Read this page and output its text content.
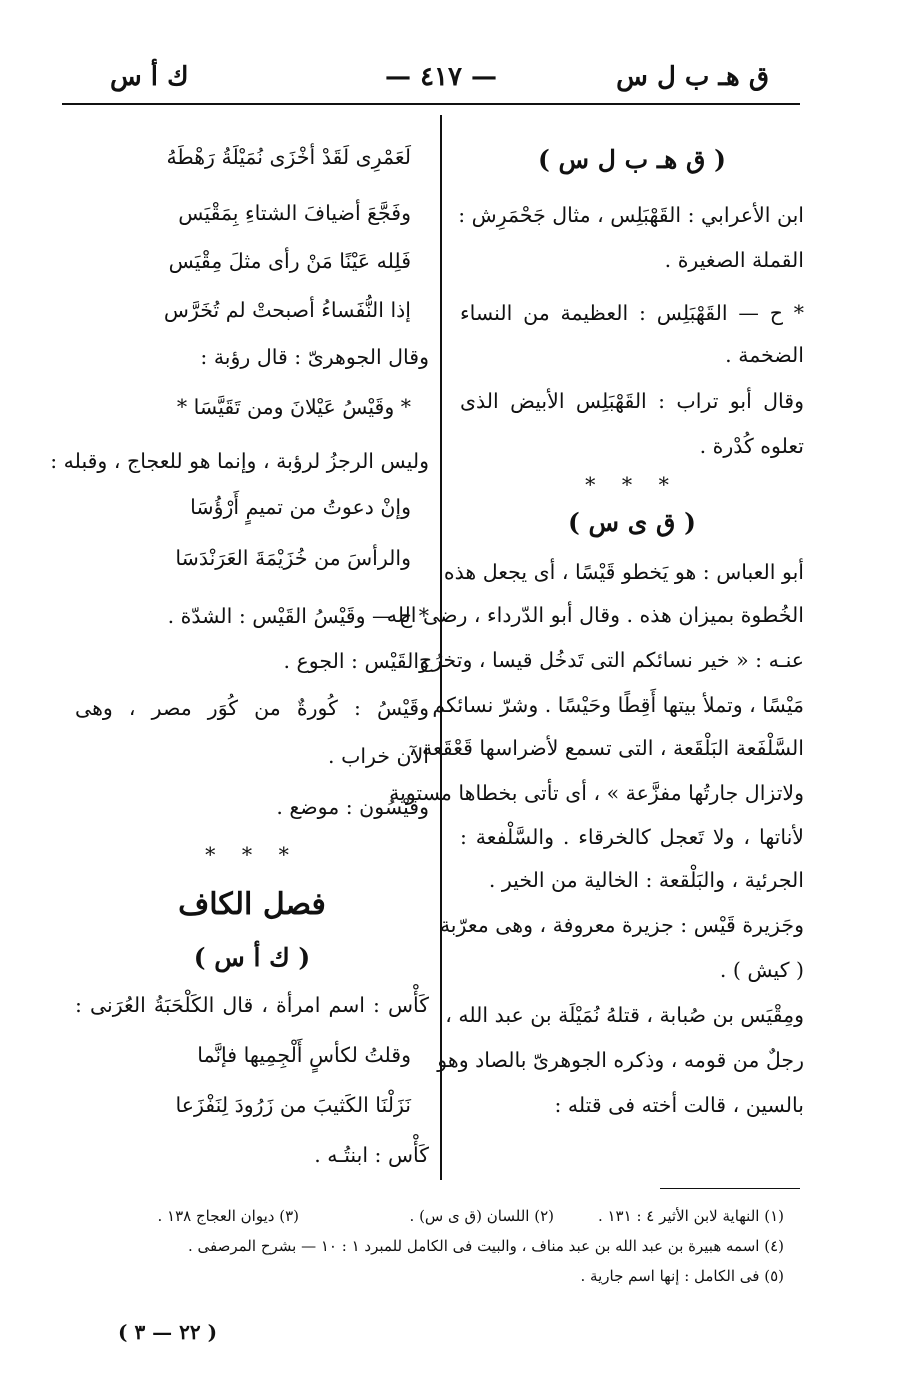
ق هـ ب ل س
— ٤١٧ —
ك أ س
( ق هـ ب ل س )
ابن الأعرابي : القَهْبَلِس ، مثال جَحْمَرِش :
القملة الصغيرة .
* ح — القَهْبَلِس : العظيمة من النساء
الضخمة .
وقال أبو تراب : القَهْبَلِس الأبيض الذى
تعلوه كُدْرة .
* * *
( ق ى س )
أبو العباس : هو يَخطو قَيْسًا ، أى يجعل هذه
الخُطوة بميزان هذه . وقال أبو الدّرداء ، رضى الله
عنـه : « خير نسائكم التى تَدخُل قيسا ، وتخرُج
مَيْسًا ، وتملأ بيتها أَقِطًا وحَيْسًا . وشرّ نسائكم
السَّلْفَعة البَلْقَعة ، التى تسمع لأضراسها قَعْقَعة ،
ولاتزال جارتُها مفزَّعة » ، أى تأتى بخطاها مستوية
لأناتها ، ولا تَعجل كالخرقاء . والسَّلْفعة :
الجرئية ، والبَلْقعة : الخالية من الخير .
وجَزيرة قَيْس : جزيرة معروفة ، وهى معرّبة
( كيش ) .
ومِقْيَس بن صُبابة ، قتلهُ نُمَيْلَة بن عبد الله ،
رجلٌ من قومه ، وذكره الجوهرىّ بالصاد وهو
بالسين ، قالت أخته فى قتله :
لَعَمْرِى لَقَدْ أخْزَى نُمَيْلَةُ رَهْطَهُ
وفَجَّعَ أضيافَ الشتاءِ بِمَقْيَس
فَلِله عَيْنًا مَنْ رأى مثلَ مِقْيَس
إذا النُّفَساءُ أصبحتْ لم تُخَرَّس
وقال الجوهرىّ : قال رؤبة :
* وقَيْسُ عَيْلانَ ومن تَقَيَّسَا *
وليس الرجزُ لرؤبة ، وإنما هو للعجاج ، وقبله :
وإنْ دعوتُ من تميمٍ أَرْؤُسَا
والرأسَ من خُزَيْمَةَ العَرَنْدَسَا
* ح — وقَيْسُ القَيْس : الشدّة .
والقَيْس : الجوع .
وقَيْسُ : كُورةٌ من كُوَر مصر ، وهى
الآن خراب .
وقَيْسُون : موضع .
* * *
فصل الكاف
( ك أ س )
كَأْس : اسم امرأة ، قال الكَلْحَبَةُ العُرَنى :
وقلتُ لكأسٍ أَلْجِمِيها فإنَّما
نَزَلْنَا الكَثيبَ من زَرُودَ لِنَفْزَعا
كَأْس : ابنتُـه .
(١) النهاية لابن الأثير ٤ : ١٣١ .
(٢) اللسان (ق ى س) .
(٣) ديوان العجاج ١٣٨ .
(٤) اسمه هبيرة بن عبد الله بن عبد مناف ، والبيت فى الكامل للمبرد ١ : ١٠ — بشرح المرصفى .
(٥) فى الكامل : إنها اسم جارية .
( ٢٢ — ٣ )
